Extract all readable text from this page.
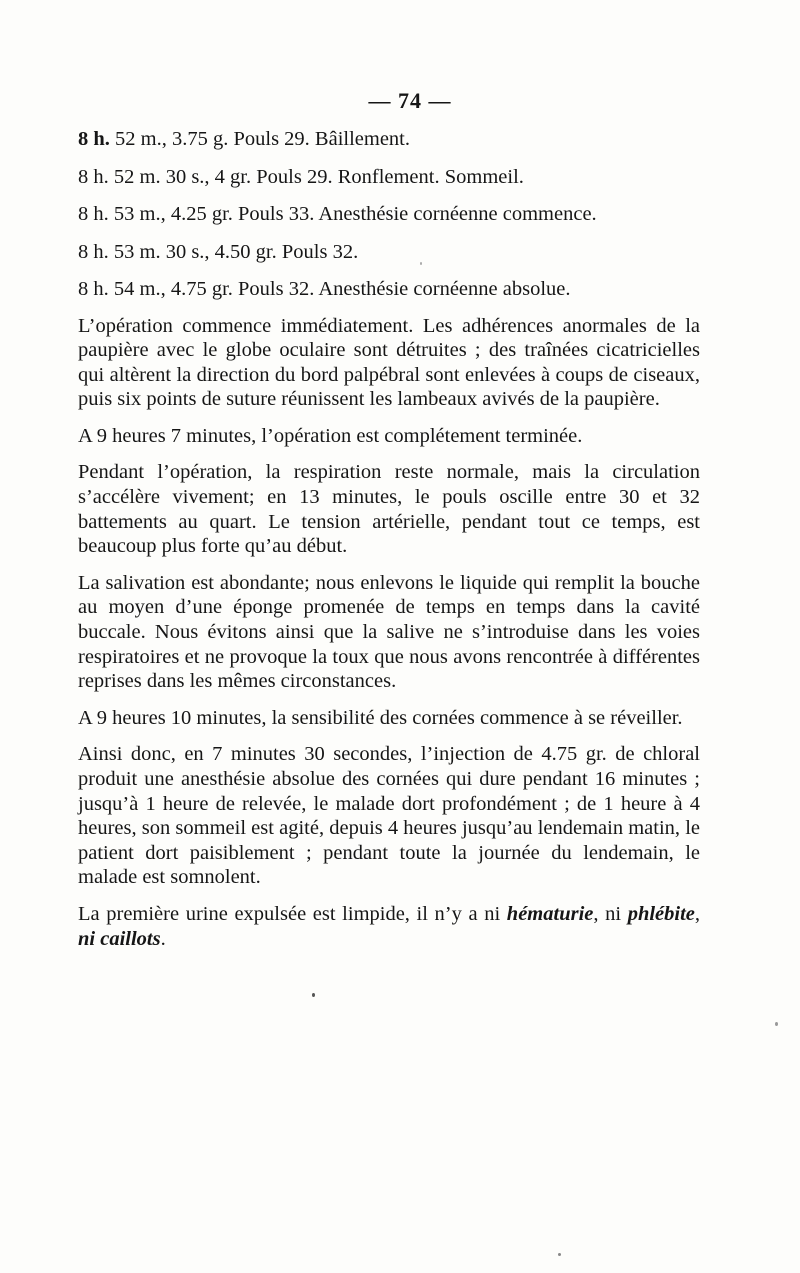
— 74 —
8 h. 52 m., 3.75 g. Pouls 29. Bâillement.
8 h. 52 m. 30 s., 4 gr. Pouls 29. Ronflement. Sommeil.
8 h. 53 m., 4.25 gr. Pouls 33. Anesthésie cornéenne commence.
8 h. 53 m. 30 s., 4.50 gr. Pouls 32.
8 h. 54 m., 4.75 gr. Pouls 32. Anesthésie cornéenne absolue.

L’opération commence immédiatement. Les adhérences anormales de la paupière avec le globe oculaire sont détruites ; des traînées cicatricielles qui altèrent la direction du bord palpébral sont enlevées à coups de ciseaux, puis six points de suture réunissent les lambeaux avivés de la paupière.

A 9 heures 7 minutes, l’opération est complétement terminée.

Pendant l’opération, la respiration reste normale, mais la circulation s’accélère vivement; en 13 minutes, le pouls oscille entre 30 et 32 battements au quart. Le tension artérielle, pendant tout ce temps, est beaucoup plus forte qu’au début.

La salivation est abondante; nous enlevons le liquide qui remplit la bouche au moyen d’une éponge promenée de temps en temps dans la cavité buccale. Nous évitons ainsi que la salive ne s’introduise dans les voies respiratoires et ne provoque la toux que nous avons rencontrée à différentes reprises dans les mêmes circonstances.

A 9 heures 10 minutes, la sensibilité des cornées commence à se réveiller.

Ainsi donc, en 7 minutes 30 secondes, l’injection de 4.75 gr. de chloral produit une anesthésie absolue des cornées qui dure pendant 16 minutes ; jusqu’à 1 heure de relevée, le malade dort profondément ; de 1 heure à 4 heures, son sommeil est agité, depuis 4 heures jusqu’au lendemain matin, le patient dort paisiblement ; pendant toute la journée du lendemain, le malade est somnolent.

La première urine expulsée est limpide, il n’y a ni hématurie, ni phlébite, ni caillots.
